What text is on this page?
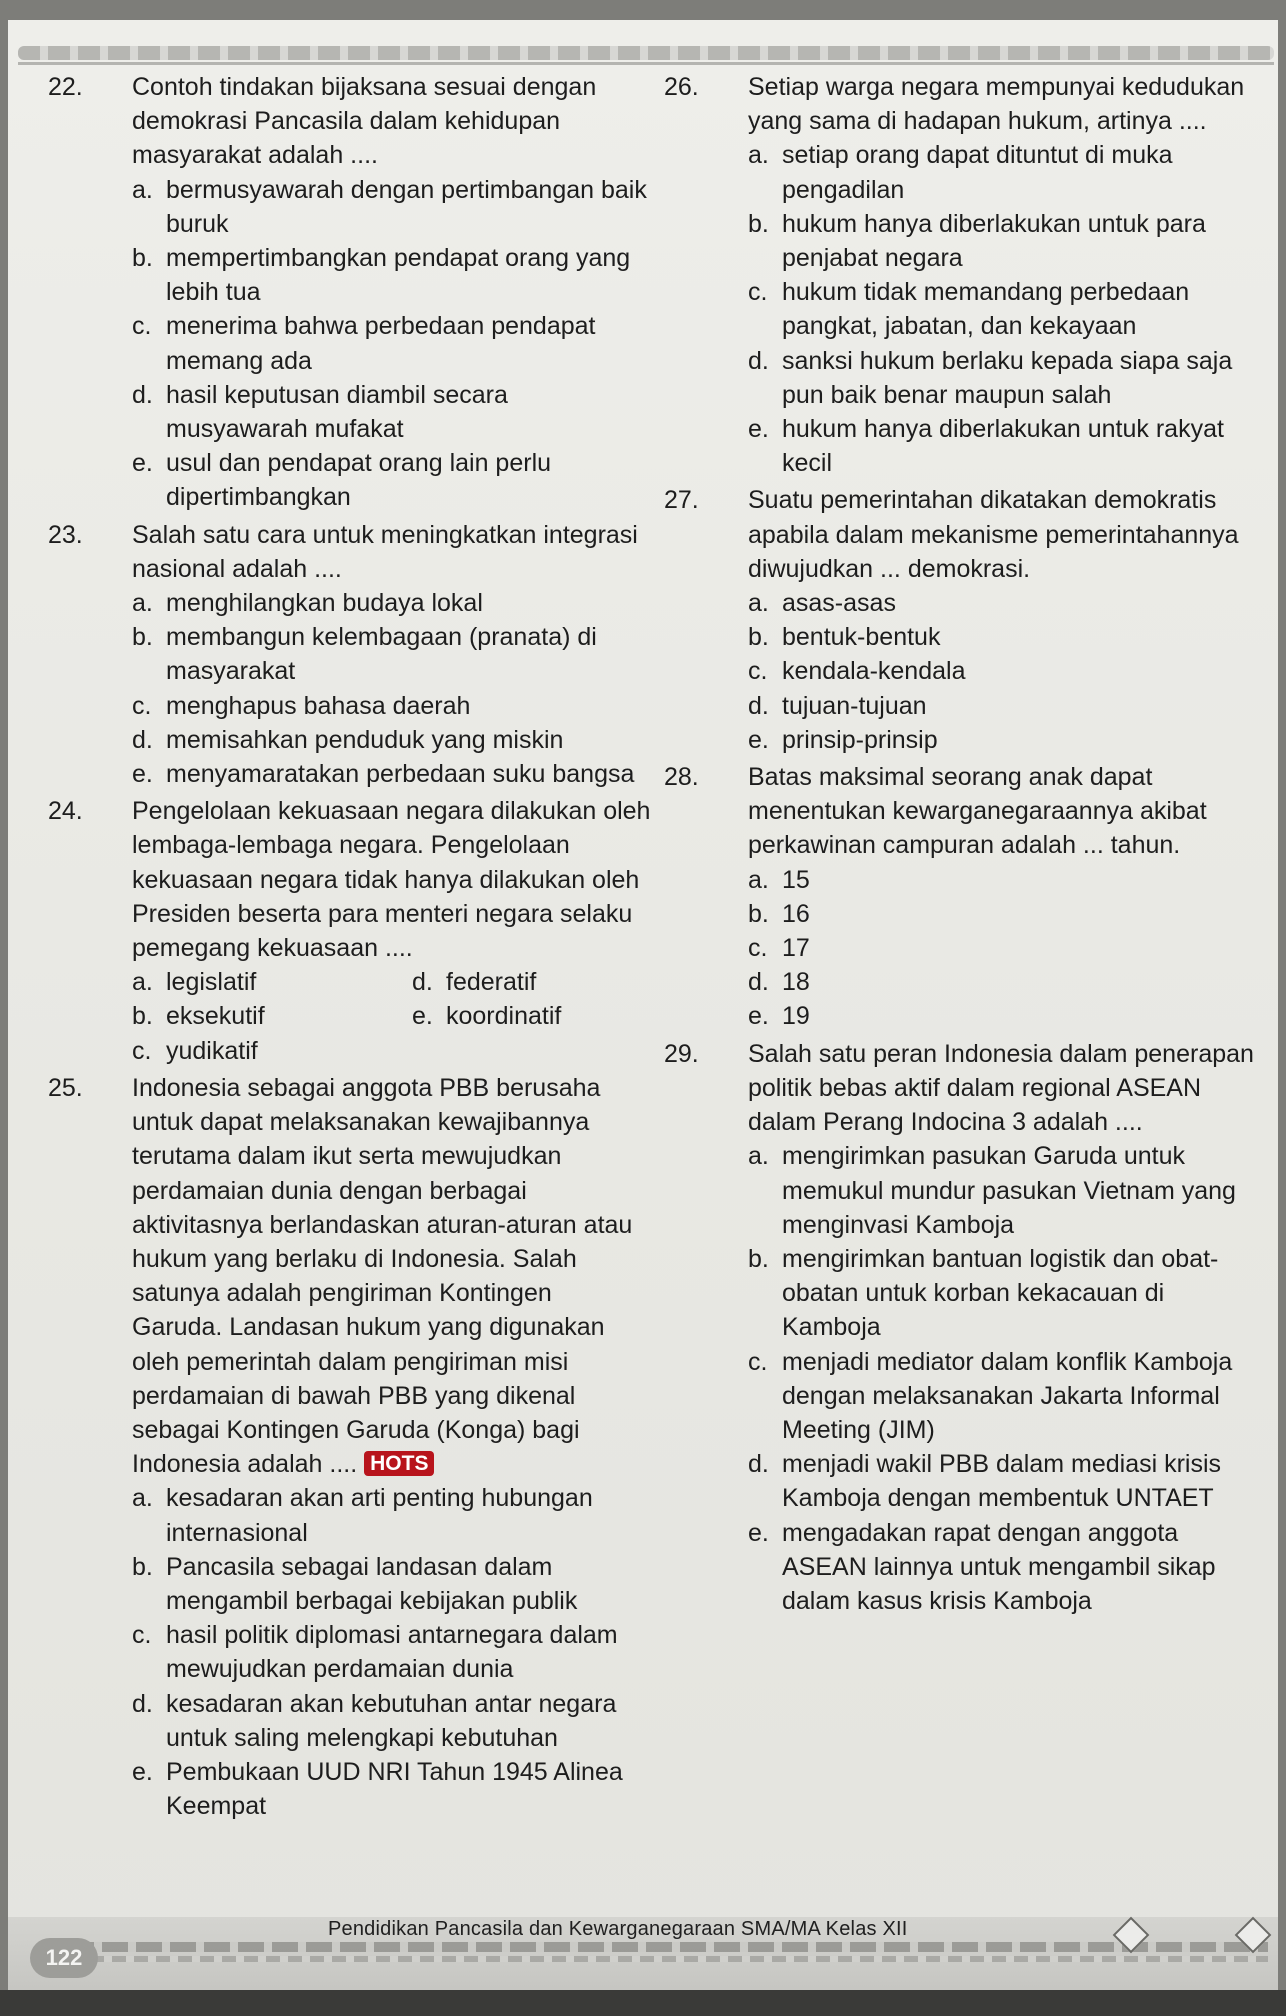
22.	Contoh tindakan bijaksana sesuai dengan demokrasi Pancasila dalam kehidupan masyarakat adalah ....
a. bermusyawarah dengan pertimbangan baik buruk
b. mempertimbangkan pendapat orang yang lebih tua
c. menerima bahwa perbedaan pendapat memang ada
d. hasil keputusan diambil secara musyawarah mufakat
e. usul dan pendapat orang lain perlu dipertimbangkan
23.	Salah satu cara untuk meningkatkan integrasi nasional adalah ....
a. menghilangkan budaya lokal
b. membangun kelembagaan (pranata) di masyarakat
c. menghapus bahasa daerah
d. memisahkan penduduk yang miskin
e. menyamaratakan perbedaan suku bangsa
24.	Pengelolaan kekuasaan negara dilakukan oleh lembaga-lembaga negara. Pengelolaan kekuasaan negara tidak hanya dilakukan oleh Presiden beserta para menteri negara selaku pemegang kekuasaan ....
a. legislatif	d. federatif
b. eksekutif	e. koordinatif
c. yudikatif
25.	Indonesia sebagai anggota PBB berusaha untuk dapat melaksanakan kewajibannya terutama dalam ikut serta mewujudkan perdamaian dunia dengan berbagai aktivitasnya berlandaskan aturan-aturan atau hukum yang berlaku di Indonesia. Salah satunya adalah pengiriman Kontingen Garuda. Landasan hukum yang digunakan oleh pemerintah dalam pengiriman misi perdamaian di bawah PBB yang dikenal sebagai Kontingen Garuda (Konga) bagi Indonesia adalah .... HOTS
a. kesadaran akan arti penting hubungan internasional
b. Pancasila sebagai landasan dalam mengambil berbagai kebijakan publik
c. hasil politik diplomasi antarnegara dalam mewujudkan perdamaian dunia
d. kesadaran akan kebutuhan antar negara untuk saling melengkapi kebutuhan
e. Pembukaan UUD NRI Tahun 1945 Alinea Keempat
26.	Setiap warga negara mempunyai kedudukan yang sama di hadapan hukum, artinya ....
a. setiap orang dapat dituntut di muka pengadilan
b. hukum hanya diberlakukan untuk para penjabat negara
c. hukum tidak memandang perbedaan pangkat, jabatan, dan kekayaan
d. sanksi hukum berlaku kepada siapa saja pun baik benar maupun salah
e. hukum hanya diberlakukan untuk rakyat kecil
27.	Suatu pemerintahan dikatakan demokratis apabila dalam mekanisme pemerintahannya diwujudkan ... demokrasi.
a. asas-asas
b. bentuk-bentuk
c. kendala-kendala
d. tujuan-tujuan
e. prinsip-prinsip
28.	Batas maksimal seorang anak dapat menentukan kewarganegaraannya akibat perkawinan campuran adalah ... tahun.
a. 15
b. 16
c. 17
d. 18
e. 19
29.	Salah satu peran Indonesia dalam penerapan politik bebas aktif dalam regional ASEAN dalam Perang Indocina 3 adalah ....
a. mengirimkan pasukan Garuda untuk memukul mundur pasukan Vietnam yang menginvasi Kamboja
b. mengirimkan bantuan logistik dan obat-obatan untuk korban kekacauan di Kamboja
c. menjadi mediator dalam konflik Kamboja dengan melaksanakan Jakarta Informal Meeting (JIM)
d. menjadi wakil PBB dalam mediasi krisis Kamboja dengan membentuk UNTAET
e. mengadakan rapat dengan anggota ASEAN lainnya untuk mengambil sikap dalam kasus krisis Kamboja
Pendidikan Pancasila dan Kewarganegaraan SMA/MA Kelas XII
122
